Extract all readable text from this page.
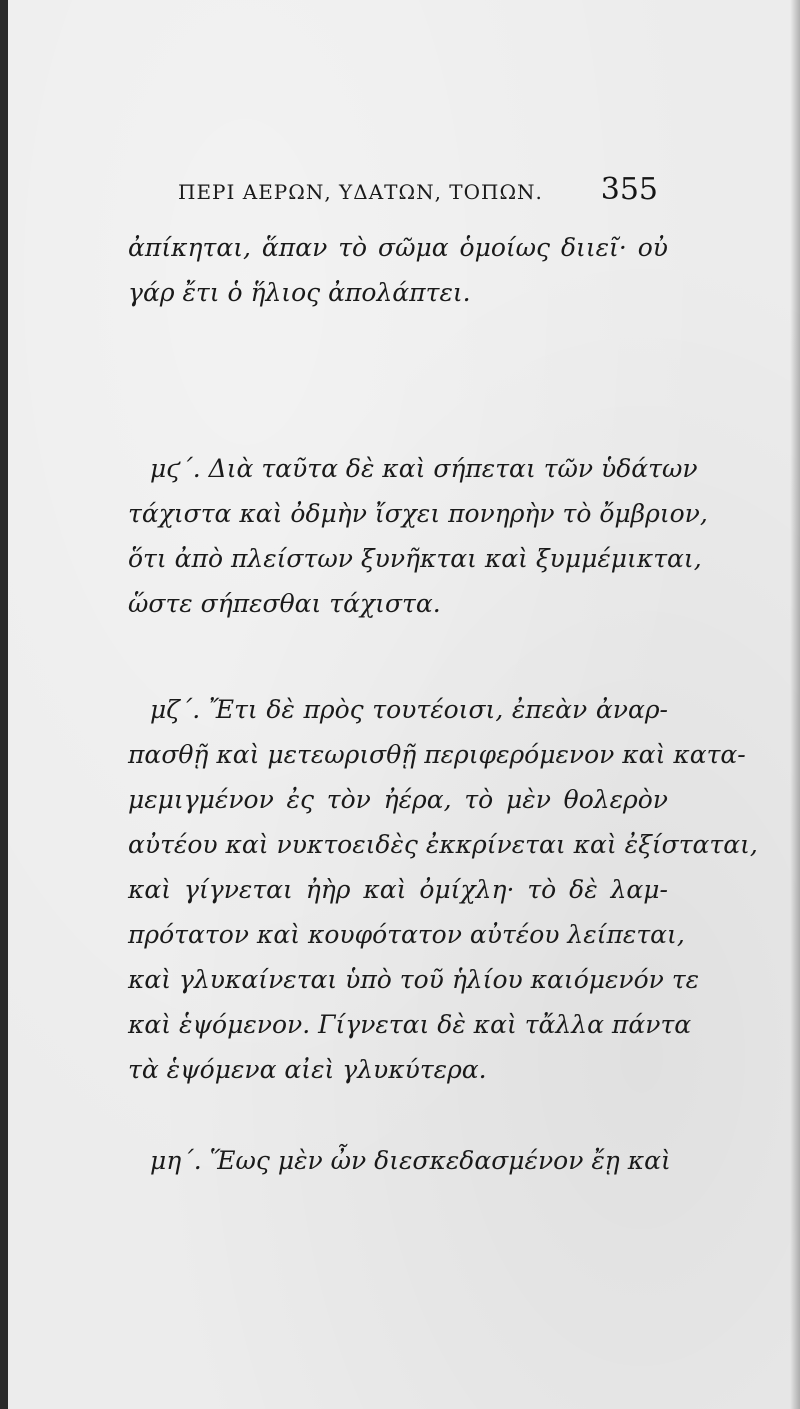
ΠΕΡΙ ΑΕΡΩΝ, ΥΔΑΤΩΝ, ΤΟΠΩΝ. 355
ἀπίκηται, ἅπαν τὸ σῶμα ὁμοίως διιεῖ· οὐ
γάρ ἔτι ὁ ἥλιος ἀπολάπτει.
μϛ΄. Διὰ ταῦτα δὲ καὶ σήπεται τῶν ὑδάτων
τάχιστα καὶ ὀδμὴν ἴσχει πονηρὴν τὸ ὄμβριον,
ὅτι ἀπὸ πλείστων ξυνῆκται καὶ ξυμμέμικται,
ὥστε σήπεσθαι τάχιστα.
μζ΄. Ἔτι δὲ πρὸς τουτέοισι, ἐπεὰν ἀναρ-
πασθῇ καὶ μετεωρισθῇ περιφερόμενον καὶ κατα-
μεμιγμένον ἐς τὸν ἠέρα, τὸ μὲν θολερὸν
αὐτέου καὶ νυκτοειδὲς ἐκκρίνεται καὶ ἐξίσταται,
καὶ γίγνεται ἠὴρ καὶ ὀμίχλη· τὸ δὲ λαμ-
πρότατον καὶ κουφότατον αὐτέου λείπεται,
καὶ γλυκαίνεται ὑπὸ τοῦ ἡλίου καιόμενόν τε
καὶ ἑψόμενον. Γίγνεται δὲ καὶ τἄλλα πάντα
τὰ ἑψόμενα αἰεὶ γλυκύτερα.
μη΄. Ἕως μὲν ὦν διεσκεδασμένον ἔῃ καὶ
